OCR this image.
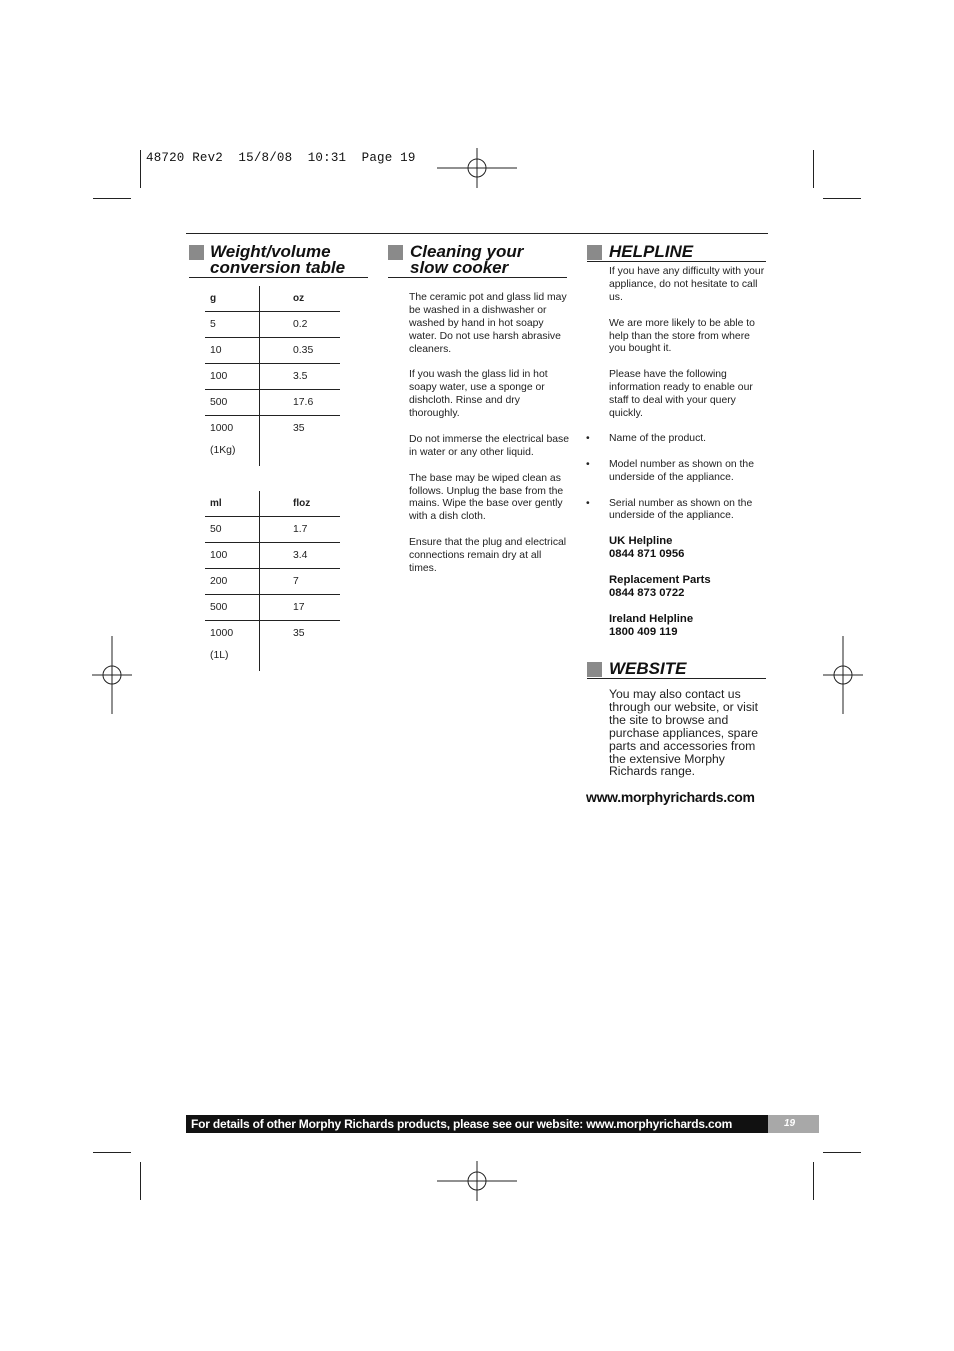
48720 Rev2  15/8/08  10:31  Page 19
Weight/volume
conversion table
g	oz
5	0.2
10	0.35
100	3.5
500	17.6
1000	35
(1Kg)	
ml	floz
50	1.7
100	3.4
200	7
500	17
1000	35
(1L)	
Cleaning your
slow cooker

The ceramic pot and glass lid may be washed in a dishwasher or washed by hand in hot soapy water. Do not use harsh abrasive cleaners.

If you wash the glass lid in hot soapy water, use a sponge or dishcloth. Rinse and dry thoroughly.

Do not immerse the electrical base in water or any other liquid.

The base may be wiped clean as follows. Unplug the base from the mains. Wipe the base over gently with a dish cloth.

Ensure that the plug and electrical connections remain dry at all times.

HELPLINE

If you have any difficulty with your appliance, do not hesitate to call us.

We are more likely to be able to help than the store from where you bought it.

Please have the following information ready to enable our staff to deal with your query quickly.

• Name of the product.
• Model number as shown on the underside of the appliance.
• Serial number as shown on the underside of the appliance.
UK Helpline
0844 871 0956
Replacement Parts
0844 873 0722
Ireland Helpline
1800 409 119
WEBSITE
You may also contact us through our website, or visit the site to browse and purchase appliances, spare parts and accessories from the extensive Morphy Richards range.
www.morphyrichards.com
For details of other Morphy Richards products, please see our website: www.morphyrichards.com	19
